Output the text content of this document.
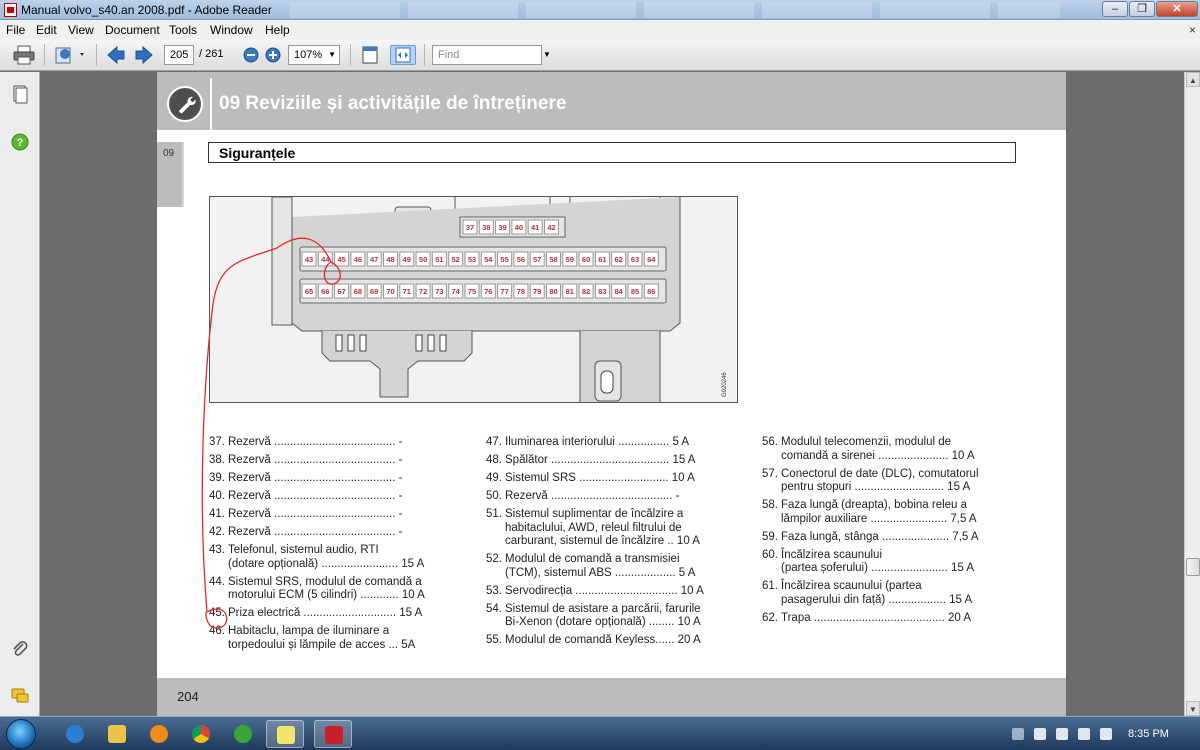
Manual volvo_s40.an 2008.pdf - Adobe Reader	–	❐	✕
File Edit View Document Tools Window Help	×
205 / 261	107% ▼	Find	▼
?
09 Reviziile și activitățile de întreținere
09	Siguranțele
G020246
37 38 39 40 41 42
43 44 45 46 47 48 49 50 51 52 53 54 55 56 57 58 59 60 61 62 63 64
65 66 67 68 69 70 71 72 73 74 75 76 77 78 79 80 81 82 83 84 85 86
37. Rezervă ...................................... -
38. Rezervă ...................................... -
39. Rezervă ...................................... -
40. Rezervă ...................................... -
41. Rezervă ...................................... -
42. Rezervă ...................................... -
43. Telefonul, sistemul audio, RTI
(dotare opțională) ........................ 15 A
44. Sistemul SRS, modulul de comandă a
motorului ECM (5 cilindri) ............ 10 A
45. Priza electrică ............................. 15 A
46. Habitaclu, lampa de iluminare a
torpedoului și lămpile de acces ... 5A
47. Iluminarea interiorului ................ 5 A
48. Spălător ..................................... 15 A
49. Sistemul SRS ............................ 10 A
50. Rezervă ...................................... -
51. Sistemul suplimentar de încălzire a
habitaclului, AWD, releul filtrului de
carburant, sistemul de încălzire .. 10 A
52. Modulul de comandă a transmisiei
(TCM), sistemul ABS ................... 5 A
53. Servodirecția ................................ 10 A
54. Sistemul de asistare a parcării, farurile
Bi-Xenon (dotare opțională) ........ 10 A
55. Modulul de comandă Keyless...... 20 A
56. Modulul telecomenzii, modulul de
comandă a sirenei ...................... 10 A
57. Conectorul de date (DLC), comutatorul
pentru stopuri ............................ 15 A
58. Faza lungă (dreapta), bobina releu a
lămpilor auxiliare ........................ 7,5 A
59. Faza lungă, stânga ..................... 7,5 A
60. Încălzirea scaunului
(partea șoferului) ........................ 15 A
61. Încălzirea scaunului (partea
pasagerului din față) .................. 15 A
62. Trapa ......................................... 20 A
204
▲
▼
8:35 PM
